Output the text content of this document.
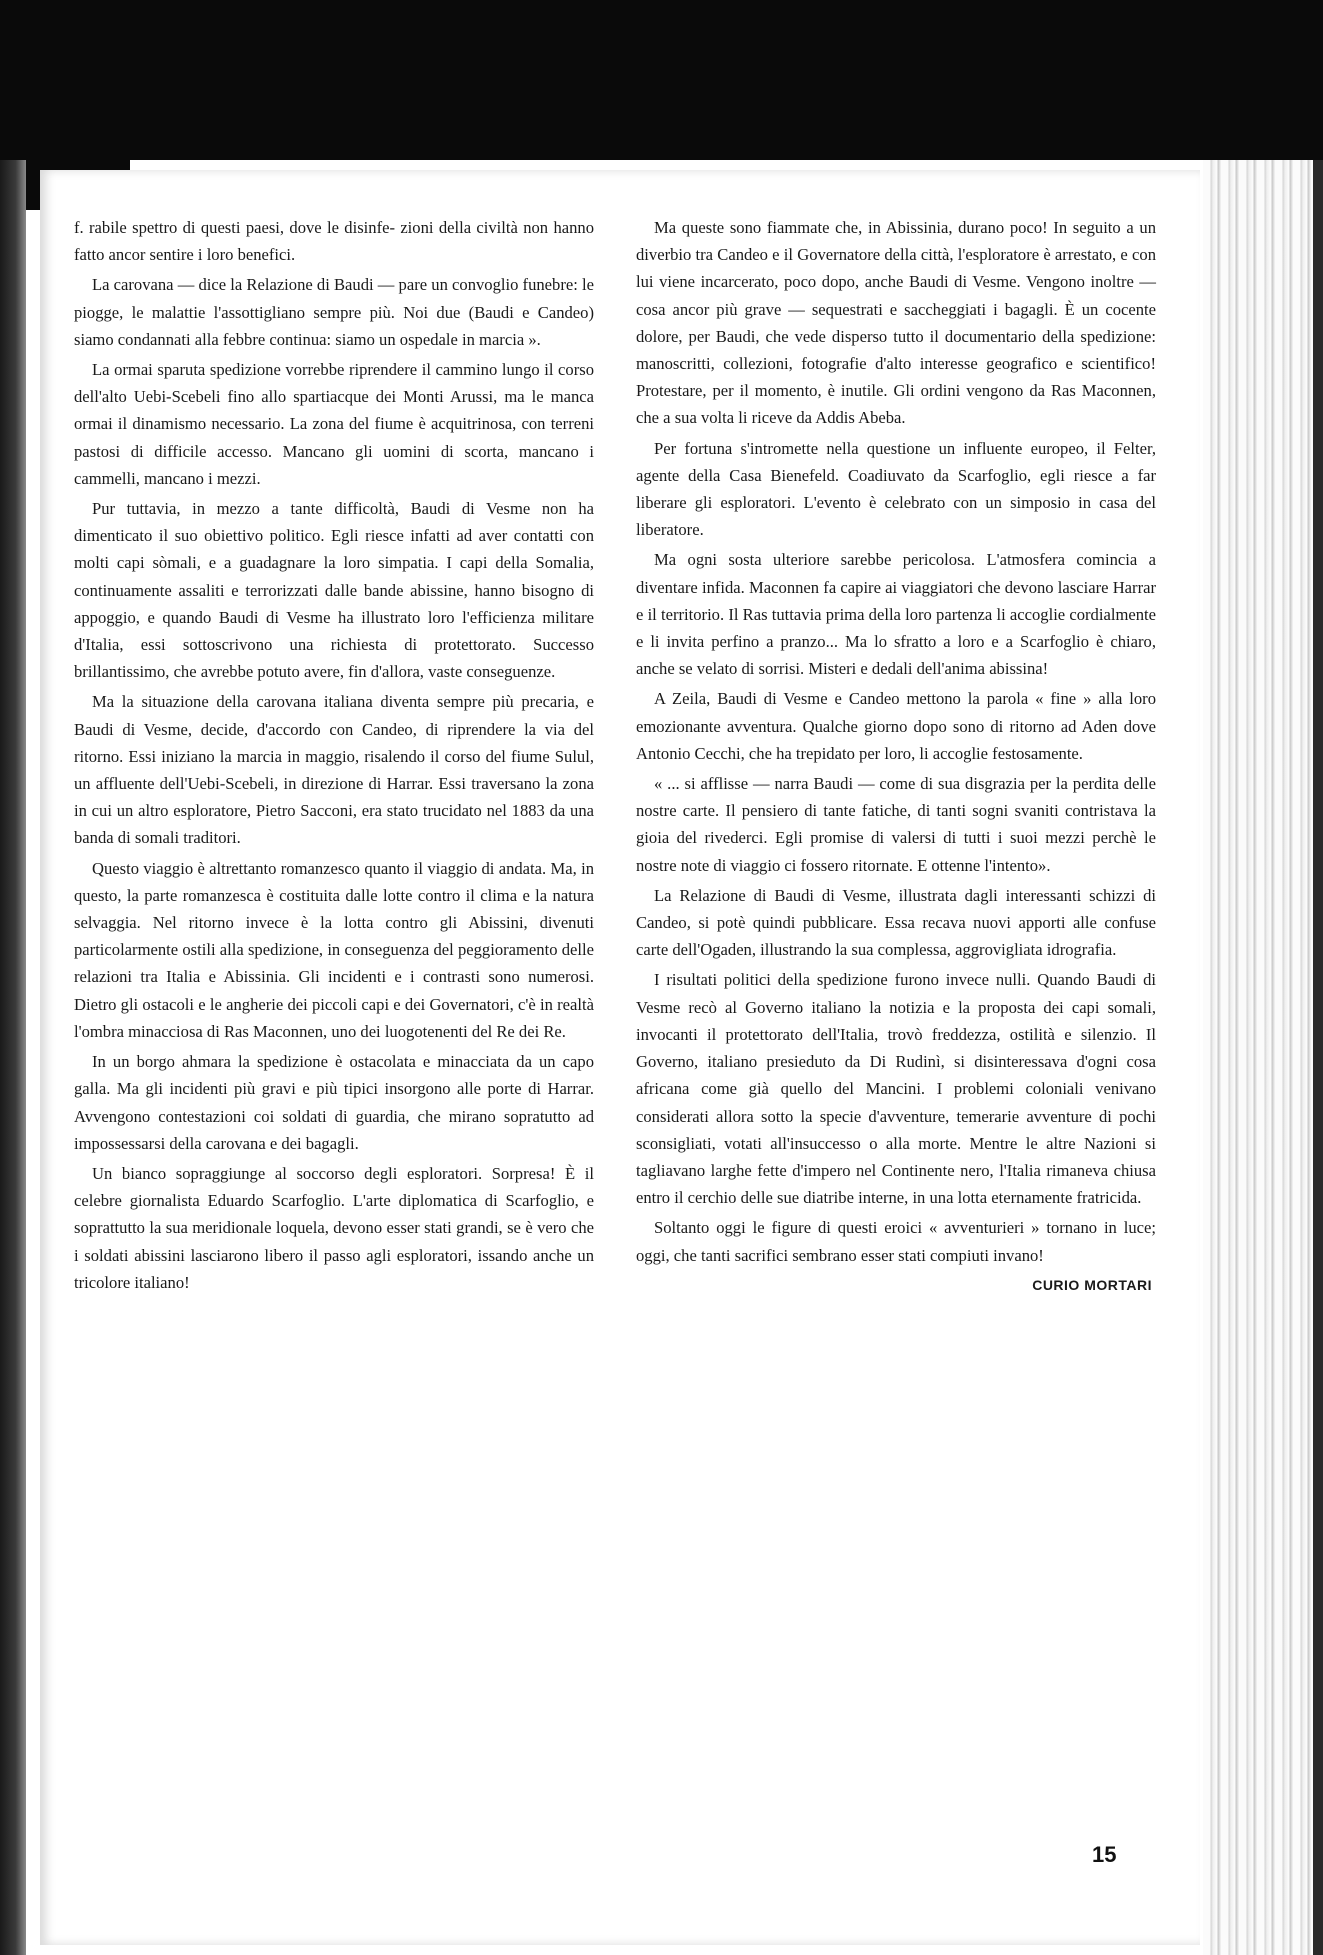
f. rabile spettro di questi paesi, dove le disinfe‑ zioni della civiltà non hanno fatto ancor sentire i loro benefici.

La carovana — dice la Relazione di Baudi — pare un convoglio funebre: le piogge, le malattie l'assottigliano sempre più. Noi due (Baudi e Candeo) siamo condannati alla febbre continua: siamo un ospedale in marcia ».

La ormai sparuta spedizione vorrebbe riprendere il cammino lungo il corso dell'alto Uebi‑Scebeli fino allo spartiacque dei Monti Arussi, ma le manca ormai il dinamismo necessario. La zona del fiume è acquitrinosa, con terreni pastosi di difficile accesso. Mancano gli uomini di scorta, mancano i cammelli, mancano i mezzi.

Pur tuttavia, in mezzo a tante difficoltà, Baudi di Vesme non ha dimenticato il suo obiettivo politico. Egli riesce infatti ad aver contatti con molti capi sòmali, e a guadagnare la loro simpatia. I capi della Somalia, continuamente assaliti e terrorizzati dalle bande abissine, hanno bisogno di appoggio, e quando Baudi di Vesme ha illustrato loro l'efficienza militare d'Italia, essi sottoscrivono una richiesta di protettorato. Successo brillantissimo, che avrebbe potuto avere, fin d'allora, vaste conseguenze.

Ma la situazione della carovana italiana diventa sempre più precaria, e Baudi di Vesme, decide, d'accordo con Candeo, di riprendere la via del ritorno. Essi iniziano la marcia in maggio, risalendo il corso del fiume Sulul, un affluente dell'Uebi‑Scebeli, in direzione di Harrar. Essi traversano la zona in cui un altro esploratore, Pietro Sacconi, era stato trucidato nel 1883 da una banda di somali traditori.

Questo viaggio è altrettanto romanzesco quanto il viaggio di andata. Ma, in questo, la parte romanzesca è costituita dalle lotte contro il clima e la natura selvaggia. Nel ritorno invece è la lotta contro gli Abissini, divenuti particolarmente ostili alla spedizione, in conseguenza del peggioramento delle relazioni tra Italia e Abissinia. Gli incidenti e i contrasti sono numerosi. Dietro gli ostacoli e le angherie dei piccoli capi e dei Governatori, c'è in realtà l'ombra minacciosa di Ras Maconnen, uno dei luogotenenti del Re dei Re.

In un borgo ahmara la spedizione è ostacolata e minacciata da un capo galla. Ma gli incidenti più gravi e più tipici insorgono alle porte di Harrar. Avvengono contestazioni coi soldati di guardia, che mirano sopratutto ad impossessarsi della carovana e dei bagagli.

Un bianco sopraggiunge al soccorso degli esploratori. Sorpresa! È il celebre giornalista Eduardo Scarfoglio. L'arte diplomatica di Scarfoglio, e soprattutto la sua meridionale loquela, devono esser stati grandi, se è vero che i soldati abissini lasciarono libero il passo agli esploratori, issando anche un tricolore italiano!

Ma queste sono fiammate che, in Abissinia, durano poco! In seguito a un diverbio tra Candeo e il Governatore della città, l'esploratore è arrestato, e con lui viene incarcerato, poco dopo, anche Baudi di Vesme. Vengono inoltre — cosa ancor più grave — sequestrati e saccheggiati i bagagli. È un cocente dolore, per Baudi, che vede disperso tutto il documentario della spedizione: manoscritti, collezioni, fotografie d'alto interesse geografico e scientifico! Protestare, per il momento, è inutile. Gli ordini vengono da Ras Maconnen, che a sua volta li riceve da Addis Abeba.

Per fortuna s'intromette nella questione un influente europeo, il Felter, agente della Casa Bienefeld. Coadiuvato da Scarfoglio, egli riesce a far liberare gli esploratori. L'evento è celebrato con un simposio in casa del liberatore.

Ma ogni sosta ulteriore sarebbe pericolosa. L'atmosfera comincia a diventare infida. Maconnen fa capire ai viaggiatori che devono lasciare Harrar e il territorio. Il Ras tuttavia prima della loro partenza li accoglie cordialmente e li invita perfino a pranzo... Ma lo sfratto a loro e a Scarfoglio è chiaro, anche se velato di sorrisi. Misteri e dedali dell'anima abissina!

A Zeila, Baudi di Vesme e Candeo mettono la parola « fine » alla loro emozionante avventura. Qualche giorno dopo sono di ritorno ad Aden dove Antonio Cecchi, che ha trepidato per loro, li accoglie festosamente.

« ... si afflisse — narra Baudi — come di sua disgrazia per la perdita delle nostre carte. Il pensiero di tante fatiche, di tanti sogni svaniti contristava la gioia del rivederci. Egli promise di valersi di tutti i suoi mezzi perchè le nostre note di viaggio ci fossero ritornate. E ottenne l'intento».

La Relazione di Baudi di Vesme, illustrata dagli interessanti schizzi di Candeo, si potè quindi pubblicare. Essa recava nuovi apporti alle confuse carte dell'Ogaden, illustrando la sua complessa, aggrovigliata idrografia.

I risultati politici della spedizione furono invece nulli. Quando Baudi di Vesme recò al Governo italiano la notizia e la proposta dei capi somali, invocanti il protettorato dell'Italia, trovò freddezza, ostilità e silenzio. Il Governo, italiano presieduto da Di Rudinì, si disinteressava d'ogni cosa africana come già quello del Mancini. I problemi coloniali venivano considerati allora sotto la specie d'avventure, temerarie avventure di pochi sconsigliati, votati all'insuccesso o alla morte. Mentre le altre Nazioni si tagliavano larghe fette d'impero nel Continente nero, l'Italia rimaneva chiusa entro il cerchio delle sue diatribe interne, in una lotta eternamente fratricida.

Soltanto oggi le figure di questi eroici « avventurieri » tornano in luce; oggi, che tanti sacrifici sembrano esser stati compiuti invano!

CURIO MORTARI

15
